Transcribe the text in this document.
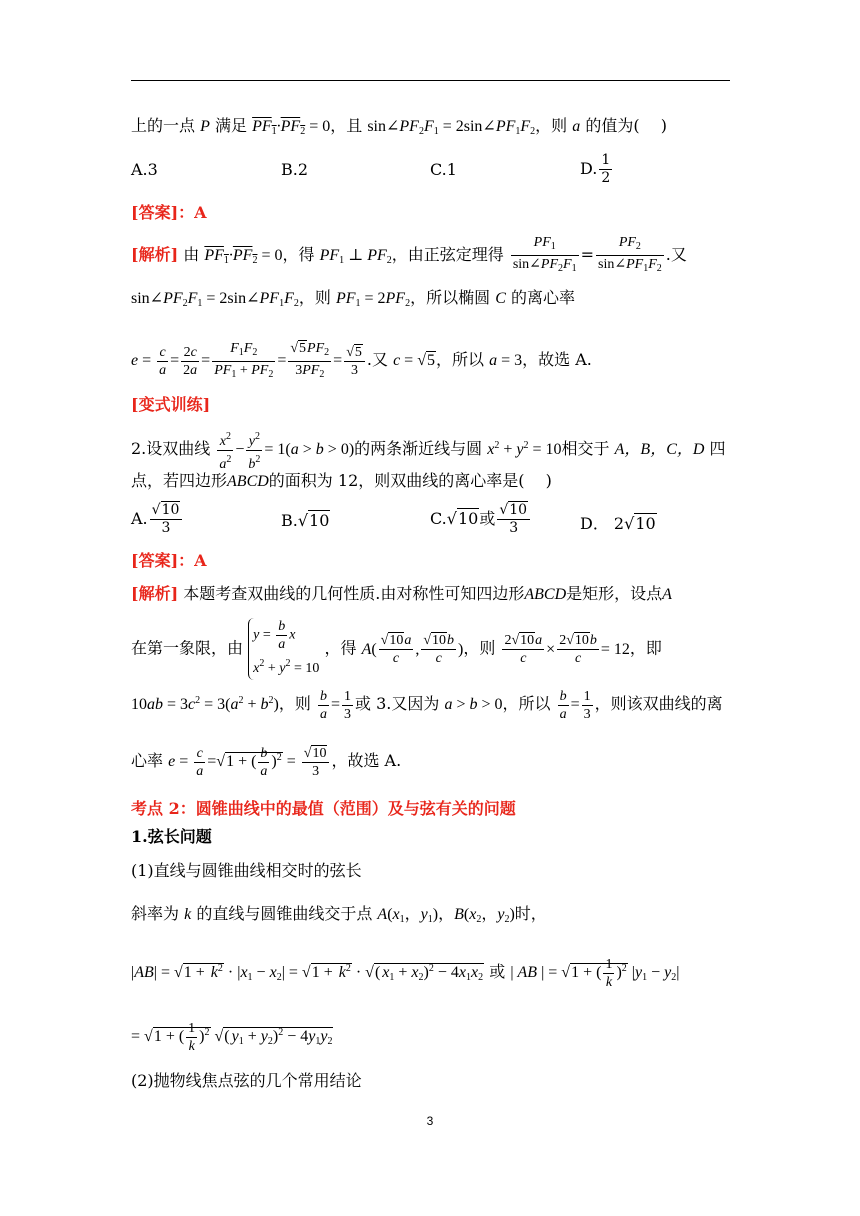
上的一点 P 满足 $PF_1\cdot PF_2 = 0$，且 $\sin\angle PF_2F_1$ = $2\sin\angle PF_1F_2$，则 a 的值为(　 )
A.3	B.2	C.1	D. $\frac{1}{2}$
[答案]：A
[解析] 由 $PF_1\cdot PF_2 = 0$，得 $PF_1$ ⊥ $PF_2$，由正弦定理得 $\frac{PF_1}{\sin\angle PF_2F_1} = \frac{PF_2}{\sin\angle PF_1F_2}$ .又
$\sin\angle PF_2F_1$ = $2\sin\angle PF_1F_2$，则 $PF_1 = 2PF_2$，所以椭圆 C 的离心率
$e = \frac{c}{a} = \frac{2c}{2a} = \frac{F_1F_2}{PF_1 + PF_2} = \frac{√5PF_2}{3PF_2} = \frac{√5}{3}$ .又 c = √5，所以 a = 3，故选 A.
[变式训练]
2.设双曲线 $\frac{x^2}{a^2} - \frac{y^2}{b^2} = 1(a > b > 0)$的两条渐近线与圆 $x^2 + y^2 = 10$相交于 A，B，C，D 四
点，若四边形ABCD的面积为 12，则双曲线的离心率是(　 )
A. $\frac{√10}{3}$	B.√10	C.√10或 $\frac{√10}{3}$	D． 2√10
[答案]：A
[解析] 本题考查双曲线的几何性质.由对称性可知四边形ABCD是矩形，设点A
在第一象限，由 $y = \frac{b}{a}$ x
$x^2 + y^2 = 10$ ，得 $A( \frac{√10a}{c}$ , $\frac{√10b}{c}$ )，则 $\frac{2√10a}{c} \times \frac{2√10b}{c} = 12$，即
$10ab = 3c^2 = 3(a^2 + b^2)$，则 $\frac{b}{a} = \frac{1}{3}$ 或 3.又因为 a > b > 0，所以 $\frac{b}{a} = \frac{1}{3}$ ，则该双曲线的离
心率 $e = \frac{c}{a} =√1$ + ( $\frac{b}{a} )^2 = \frac{√10}{3}$ ，故选 A.
考点 2：圆锥曲线中的最值（范围）及与弦有关的问题
1.弦长问题
(1)直线与圆锥曲线相交时的弦长
斜率为 k 的直线与圆锥曲线交于点 $A(x_1$，$y_1$)，$B(x_2$，$y_2$)时，
$|AB| = √1 + k^2 \cdot |x_1 - x_2| = √1 + k^2$ · √( $x_1 + x_2)^2 - 4x_1x_2$ 或 | AB | = √1 + ( $\frac{1}{k} )^2$ $|y_1 - y_2|$
= √1 + ( $\frac{1}{k} )^2$ √( $y_1 + y_2)^2 - 4y_1y_2$
(2)抛物线焦点弦的几个常用结论
3
